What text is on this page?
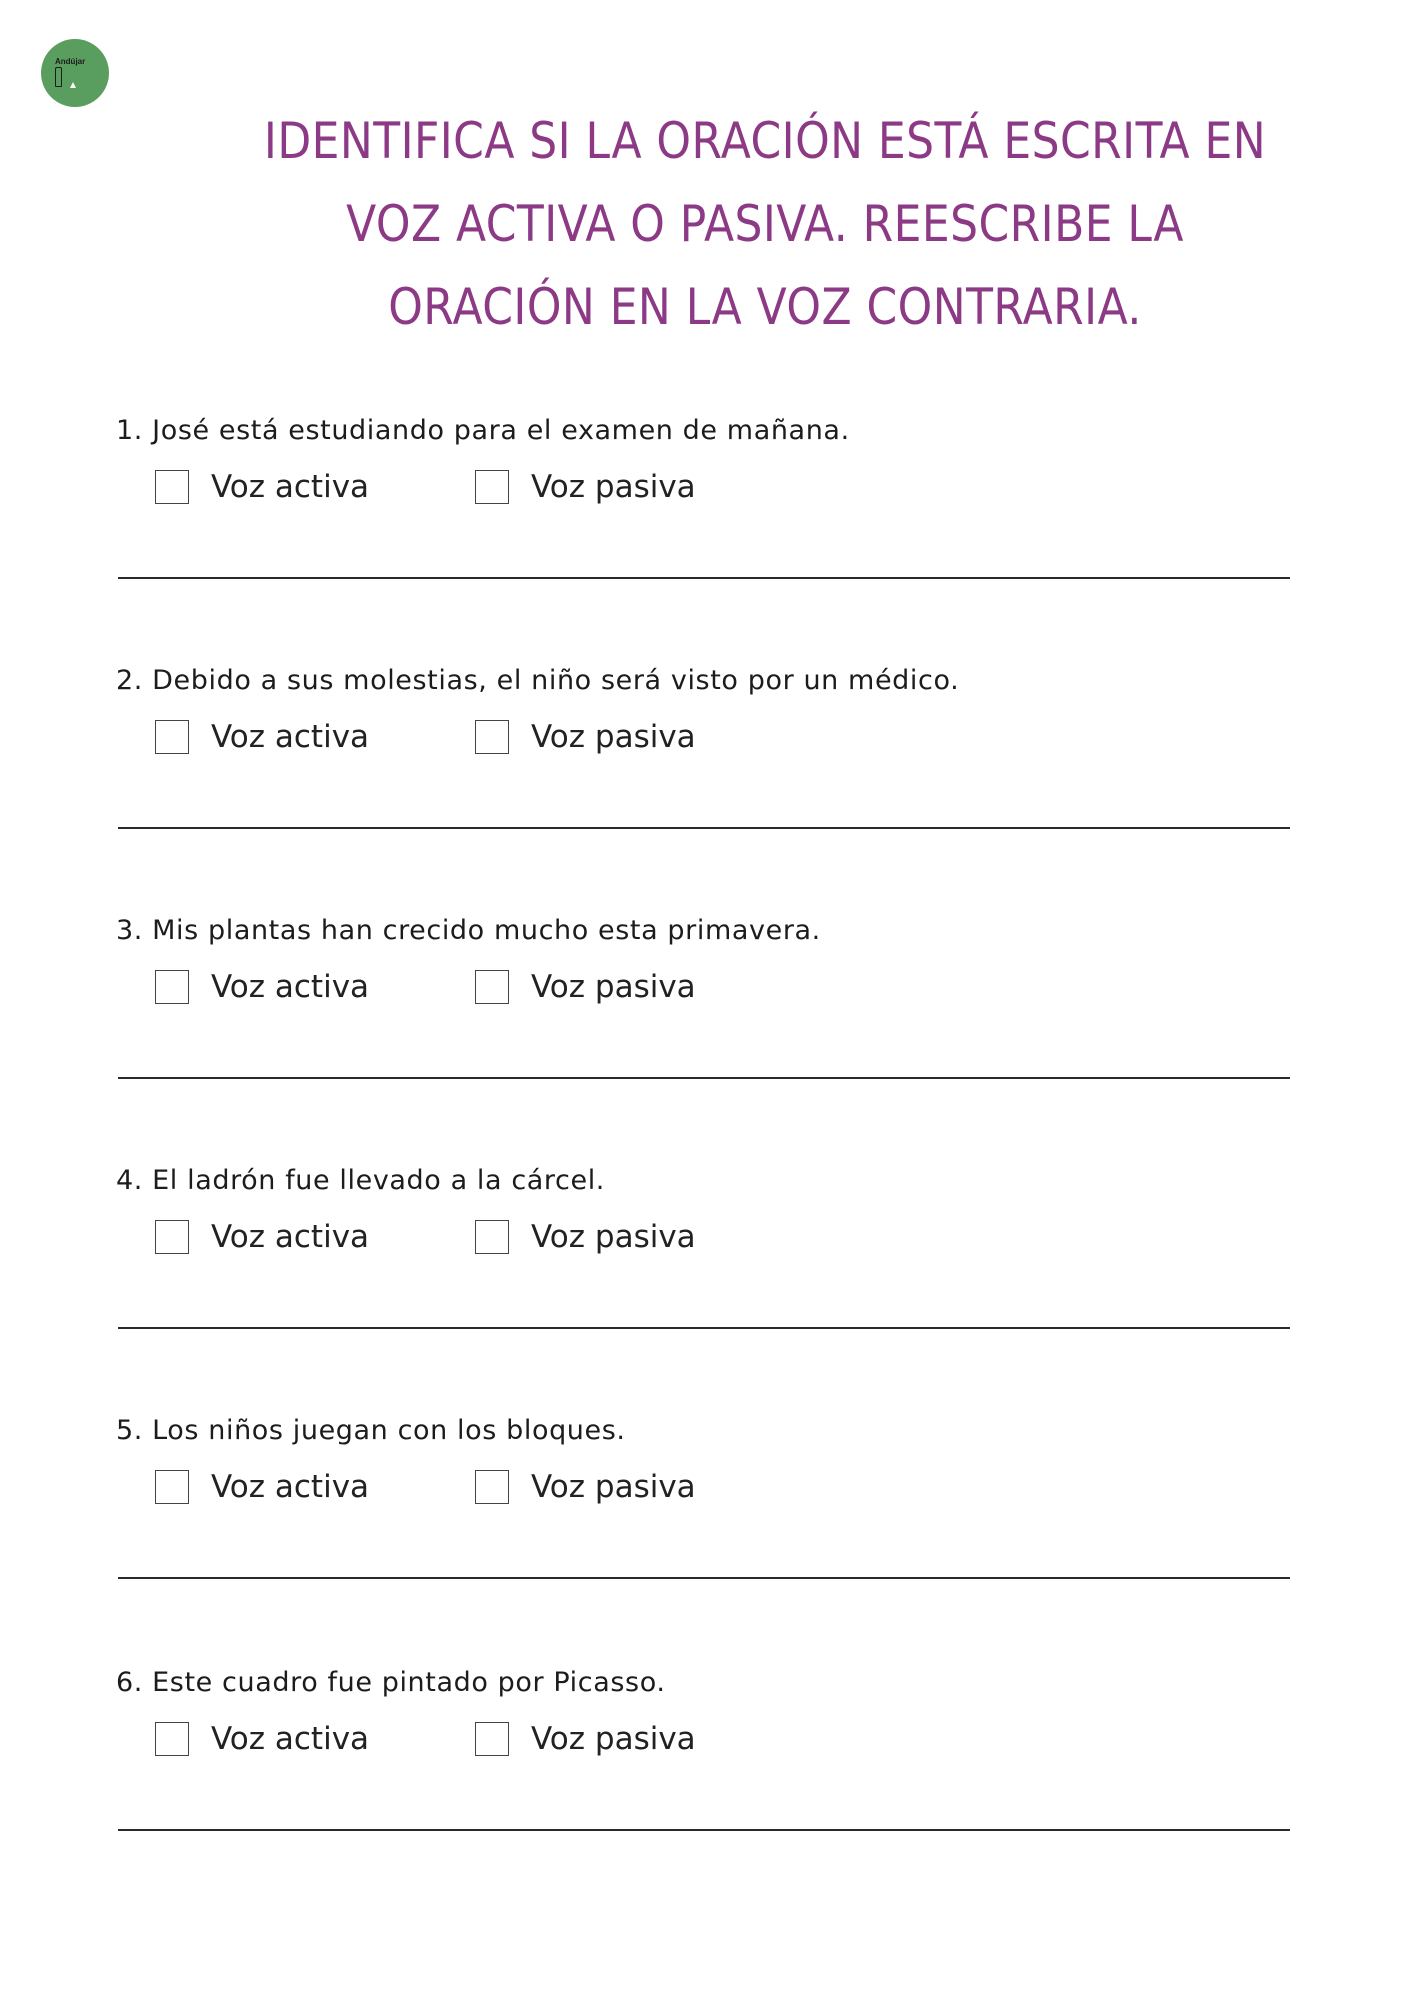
Andújar
IDENTIFICA SI LA ORACIÓN ESTÁ ESCRITA EN VOZ ACTIVA O PASIVA. REESCRIBE LA ORACIÓN EN LA VOZ CONTRARIA.
1. José está estudiando para el examen de mañana.
Voz activa	Voz pasiva
2. Debido a sus molestias, el niño será visto por un médico.
Voz activa	Voz pasiva
3. Mis plantas han crecido mucho esta primavera.
Voz activa	Voz pasiva
4. El ladrón fue llevado a la cárcel.
Voz activa	Voz pasiva
5. Los niños juegan con los bloques.
Voz activa	Voz pasiva
6. Este cuadro fue pintado por Picasso.
Voz activa	Voz pasiva
